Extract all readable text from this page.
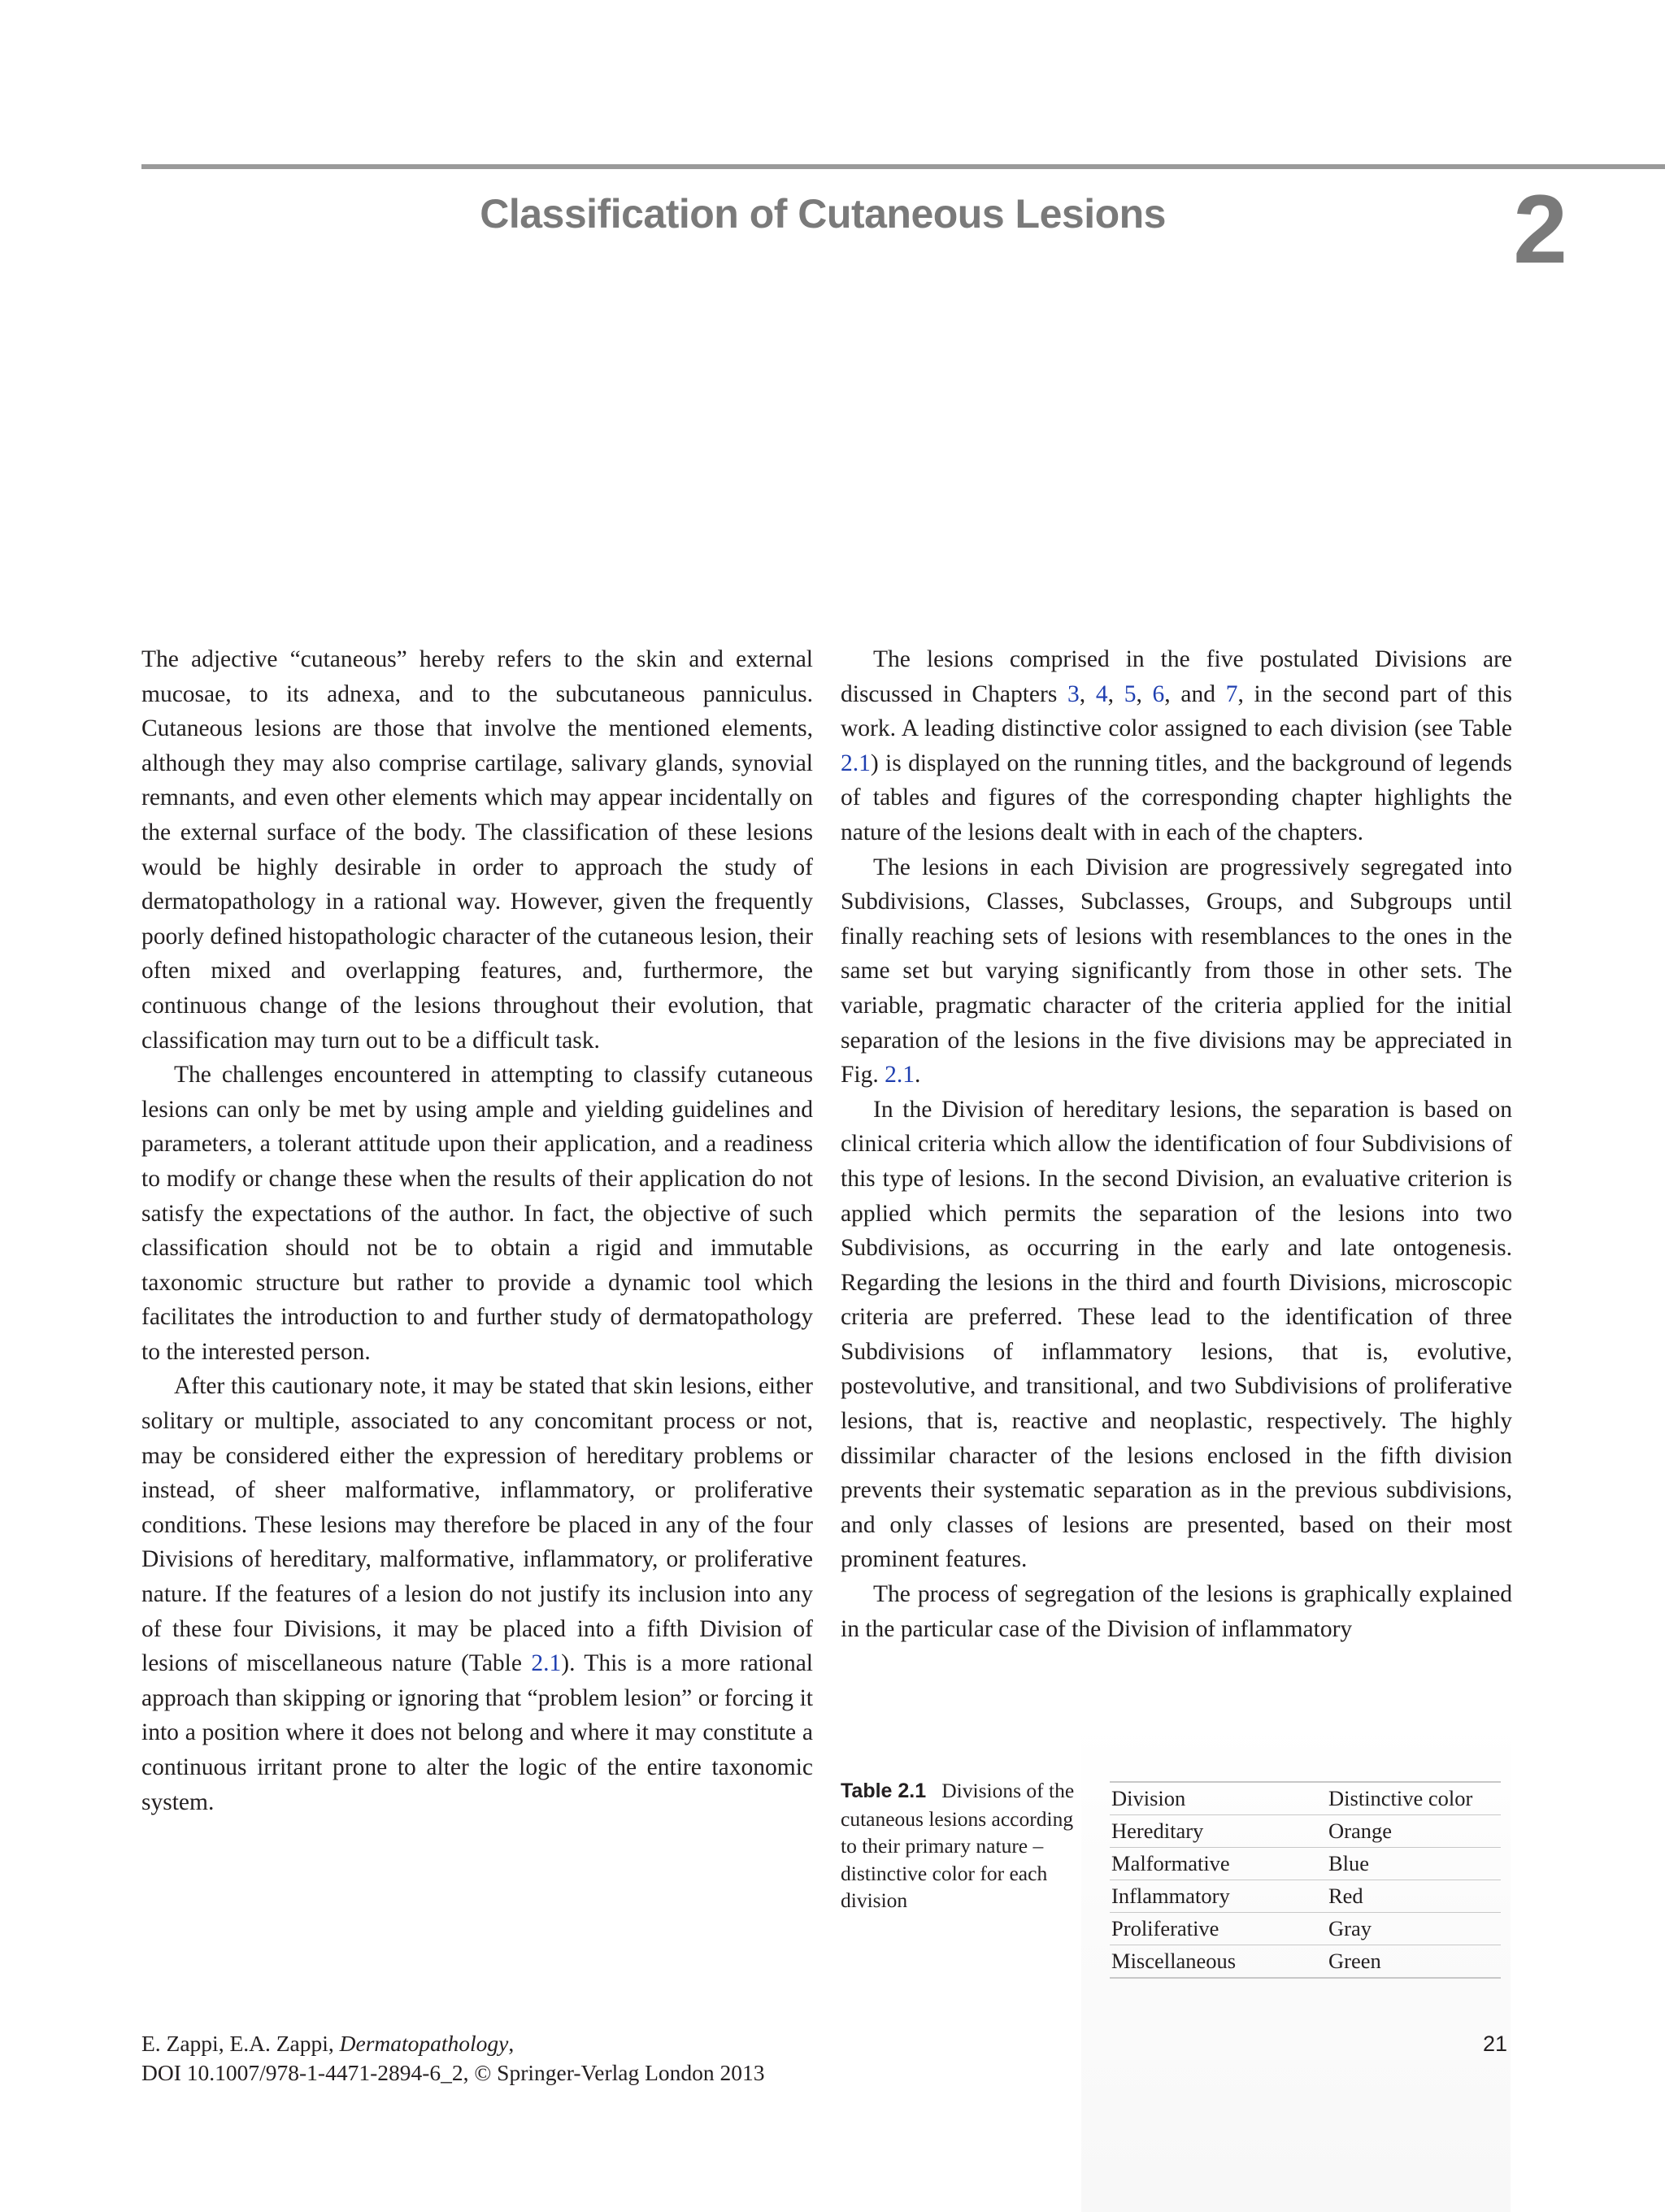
Classification of Cutaneous Lesions	2

The adjective “cutaneous” hereby refers to the skin and external mucosae, to its adnexa, and to the subcutaneous panniculus. Cutaneous lesions are those that involve the mentioned elements, although they may also comprise cartilage, salivary glands, synovial remnants, and even other elements which may appear incidentally on the external surface of the body. The classification of these lesions would be highly desirable in order to approach the study of dermatopathology in a rational way. However, given the frequently poorly defined histopathologic character of the cutaneous lesion, their often mixed and overlapping features, and, furthermore, the continuous change of the lesions throughout their evolution, that classification may turn out to be a difficult task.

The challenges encountered in attempting to classify cutaneous lesions can only be met by using ample and yielding guidelines and parameters, a tolerant attitude upon their application, and a readiness to modify or change these when the results of their application do not satisfy the expectations of the author. In fact, the objective of such classification should not be to obtain a rigid and immutable taxonomic structure but rather to provide a dynamic tool which facilitates the introduction to and further study of dermatopathology to the interested person.

After this cautionary note, it may be stated that skin lesions, either solitary or multiple, associated to any concomitant process or not, may be considered either the expression of hereditary problems or instead, of sheer malformative, inflammatory, or proliferative conditions. These lesions may therefore be placed in any of the four Divisions of hereditary, malformative, inflammatory, or proliferative nature. If the features of a lesion do not justify its inclusion into any of these four Divisions, it may be placed into a fifth Division of lesions of miscellaneous nature (Table 2.1). This is a more rational approach than skipping or ignoring that “problem lesion” or forcing it into a position where it does not belong and where it may constitute a continuous irritant prone to alter the logic of the entire taxonomic system.

The lesions comprised in the five postulated Divisions are discussed in Chapters 3, 4, 5, 6, and 7, in the second part of this work. A leading distinctive color assigned to each division (see Table 2.1) is displayed on the running titles, and the background of legends of tables and figures of the corresponding chapter highlights the nature of the lesions dealt with in each of the chapters.

The lesions in each Division are progressively segregated into Subdivisions, Classes, Subclasses, Groups, and Subgroups until finally reaching sets of lesions with resemblances to the ones in the same set but varying significantly from those in other sets. The variable, pragmatic character of the criteria applied for the initial separation of the lesions in the five divisions may be appreciated in Fig. 2.1.

In the Division of hereditary lesions, the separation is based on clinical criteria which allow the identification of four Subdivisions of this type of lesions. In the second Division, an evaluative criterion is applied which permits the separation of the lesions into two Subdivisions, as occurring in the early and late ontogenesis. Regarding the lesions in the third and fourth Divisions, microscopic criteria are preferred. These lead to the identification of three Subdivisions of inflammatory lesions, that is, evolutive, postevolutive, and transitional, and two Subdivisions of proliferative lesions, that is, reactive and neoplastic, respectively. The highly dissimilar character of the lesions enclosed in the fifth division prevents their systematic separation as in the previous subdivisions, and only classes of lesions are presented, based on their most prominent features.

The process of segregation of the lesions is graphically explained in the particular case of the Division of inflammatory

Table 2.1 Divisions of the cutaneous lesions according to their primary nature – distinctive color for each division
Division	Distinctive color
Hereditary	Orange
Malformative	Blue
Inflammatory	Red
Proliferative	Gray
Miscellaneous	Green
E. Zappi, E.A. Zappi, Dermatopathology,
DOI 10.1007/978-1-4471-2894-6_2, © Springer-Verlag London 2013
21
